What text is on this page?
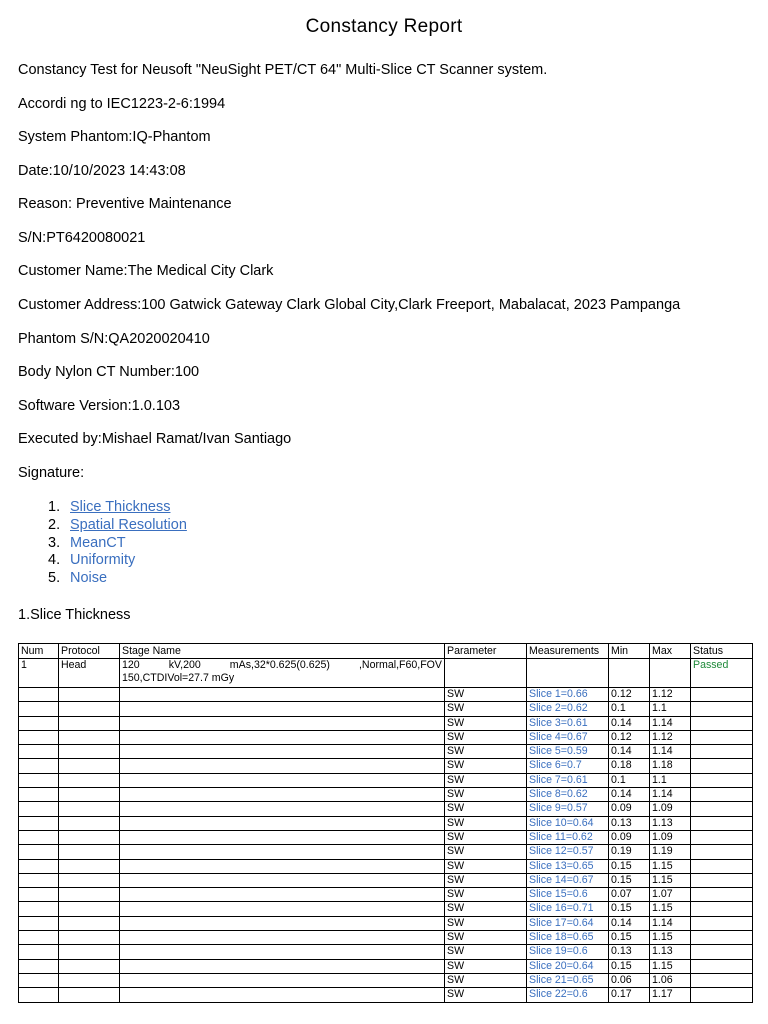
Constancy Report
Constancy Test for Neusoft "NeuSight PET/CT 64" Multi-Slice CT Scanner system.
Accordi ng to IEC1223-2-6:1994
System Phantom:IQ-Phantom
Date:10/10/2023 14:43:08
Reason: Preventive Maintenance
S/N:PT6420080021
Customer Name:The Medical City Clark
Customer Address:100 Gatwick Gateway Clark Global City,Clark Freeport, Mabalacat, 2023 Pampanga
Phantom S/N:QA2020020410
Body Nylon CT Number:100
Software Version:1.0.103
Executed by:Mishael Ramat/Ivan Santiago
Signature:
1. Slice Thickness
2. Spatial Resolution
3. MeanCT
4. Uniformity
5. Noise
1.Slice Thickness
Num	Protocol	Stage Name	Parameter	Measurements	Min	Max	Status
1	Head	120 kV,200 mAs,32*0.625(0.625) ,Normal,F60,FOV 150,CTDIVol=27.7 mGy					Passed
			SW	Slice 1=0.66	0.12	1.12	
			SW	Slice 2=0.62	0.1	1.1	
			SW	Slice 3=0.61	0.14	1.14	
			SW	Slice 4=0.67	0.12	1.12	
			SW	Slice 5=0.59	0.14	1.14	
			SW	Slice 6=0.7	0.18	1.18	
			SW	Slice 7=0.61	0.1	1.1	
			SW	Slice 8=0.62	0.14	1.14	
			SW	Slice 9=0.57	0.09	1.09	
			SW	Slice 10=0.64	0.13	1.13	
			SW	Slice 11=0.62	0.09	1.09	
			SW	Slice 12=0.57	0.19	1.19	
			SW	Slice 13=0.65	0.15	1.15	
			SW	Slice 14=0.67	0.15	1.15	
			SW	Slice 15=0.6	0.07	1.07	
			SW	Slice 16=0.71	0.15	1.15	
			SW	Slice 17=0.64	0.14	1.14	
			SW	Slice 18=0.65	0.15	1.15	
			SW	Slice 19=0.6	0.13	1.13	
			SW	Slice 20=0.64	0.15	1.15	
			SW	Slice 21=0.65	0.06	1.06	
			SW	Slice 22=0.6	0.17	1.17	
